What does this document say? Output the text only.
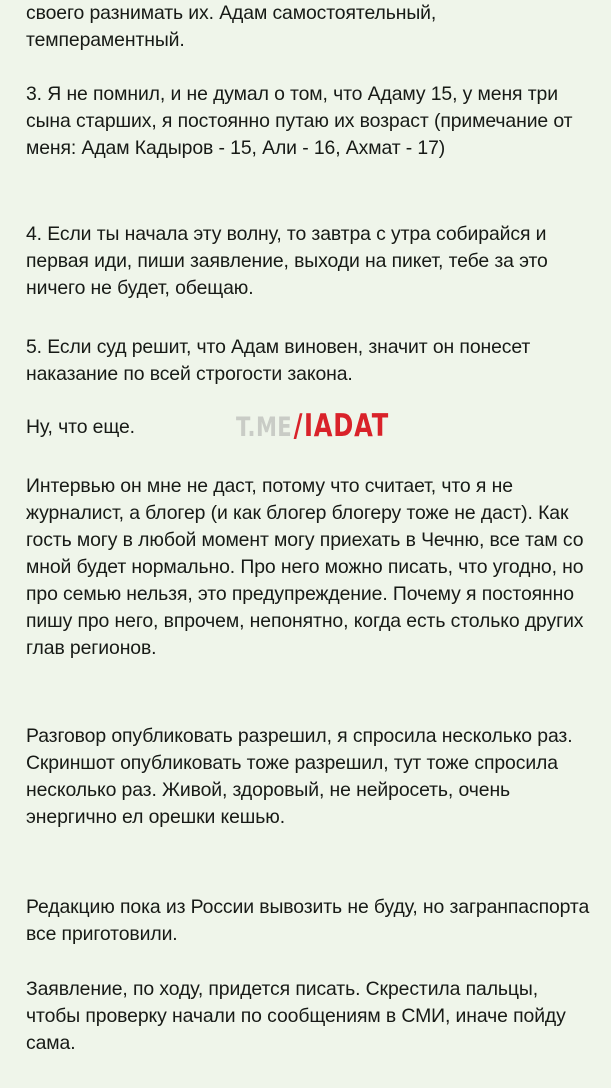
своего разнимать их. Адам самостоятельный, темпераментный.

3. Я не помнил, и не думал о том, что Адаму 15, у меня три сына старших, я постоянно путаю их возраст (примечание от меня: Адам Кадыров - 15, Али - 16, Ахмат - 17)

4. Если ты начала эту волну, то завтра с утра собирайся и первая иди, пиши заявление, выходи на пикет, тебе за это ничего не будет, обещаю.

5. Если суд решит, что Адам виновен, значит он понесет наказание по всей строгости закона.

Ну, что еще.	T.ME / IADAT

Интервью он мне не даст, потому что считает, что я не журналист, а блогер (и как блогер блогеру тоже не даст). Как гость могу в любой момент могу приехать в Чечню, все там со мной будет нормально. Про него можно писать, что угодно, но про семью нельзя, это предупреждение. Почему я постоянно пишу про него, впрочем, непонятно, когда есть столько других глав регионов.

Разговор опубликовать разрешил, я спросила несколько раз. Скриншот опубликовать тоже разрешил, тут тоже спросила несколько раз. Живой, здоровый, не нейросеть, очень энергично ел орешки кешью.

Редакцию пока из России вывозить не буду, но загранпаспорта все приготовили.

Заявление, по ходу, придется писать. Скрестила пальцы, чтобы проверку начали по сообщениям в СМИ, иначе пойду сама.
